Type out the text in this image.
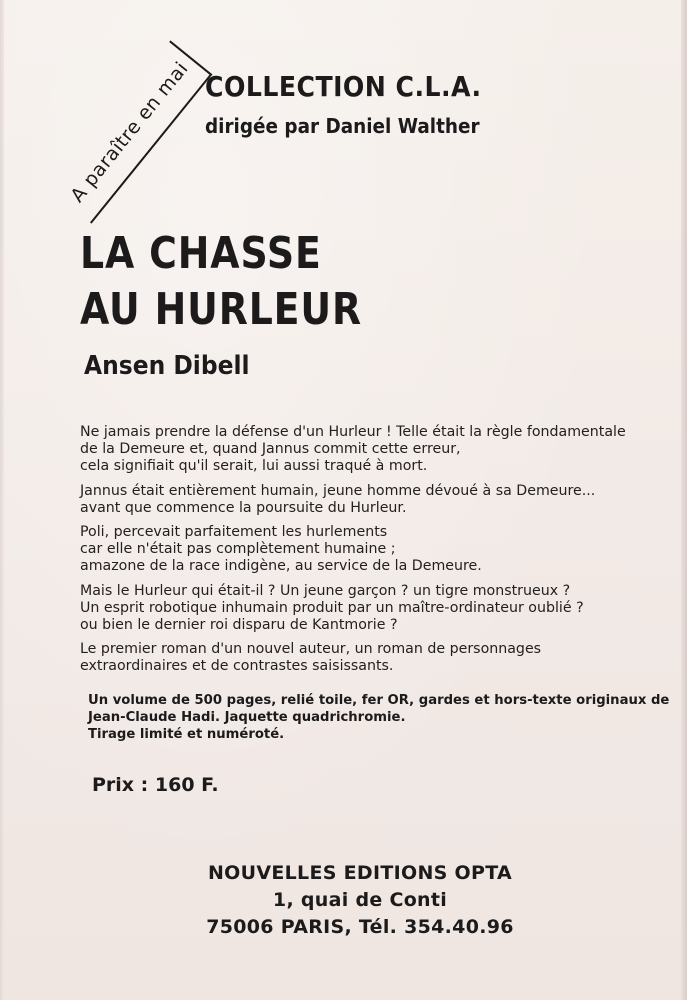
A paraître en mai COLLECTION C.L.A.
dirigée par Daniel Walther
LA CHASSE
AU HURLEUR
Ansen Dibell

Ne jamais prendre la défense d'un Hurleur ! Telle était la règle fondamentale
de la Demeure et, quand Jannus commit cette erreur,
cela signifiait qu'il serait, lui aussi traqué à mort.

Jannus était entièrement humain, jeune homme dévoué à sa Demeure...
avant que commence la poursuite du Hurleur.

Poli, percevait parfaitement les hurlements
car elle n'était pas complètement humaine ;
amazone de la race indigène, au service de la Demeure.

Mais le Hurleur qui était-il ? Un jeune garçon ? un tigre monstrueux ?
Un esprit robotique inhumain produit par un maître-ordinateur oublié ?
ou bien le dernier roi disparu de Kantmorie ?

Le premier roman d'un nouvel auteur, un roman de personnages
extraordinaires et de contrastes saisissants.

Un volume de 500 pages, relié toile, fer OR, gardes et hors-texte originaux de
Jean-Claude Hadi. Jaquette quadrichromie.
Tirage limité et numéroté.
Prix : 160 F.
NOUVELLES EDITIONS OPTA
1, quai de Conti
75006 PARIS, Tél. 354.40.96
